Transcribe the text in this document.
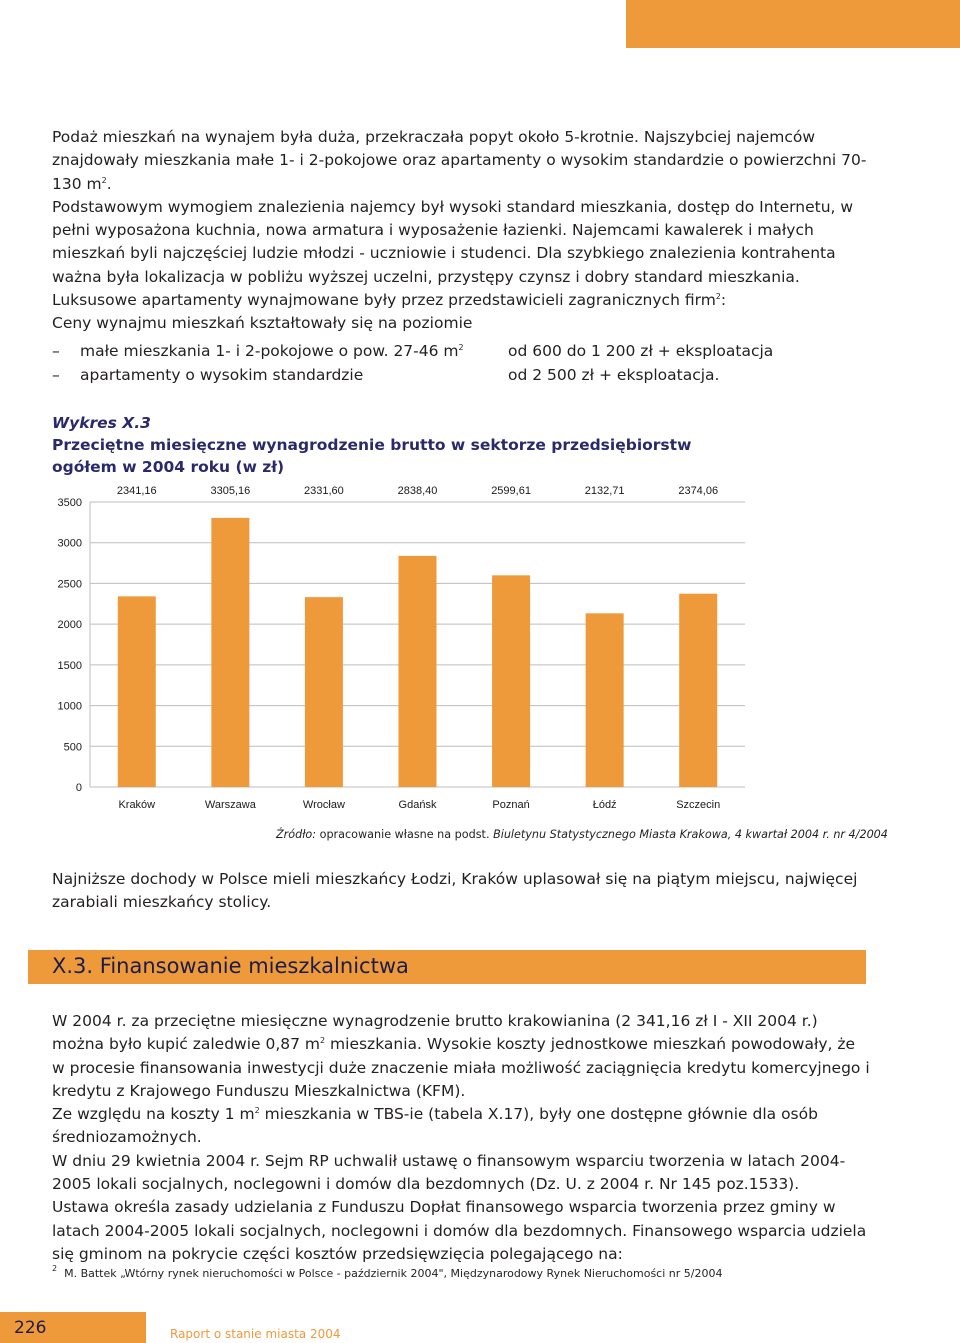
Podaż mieszkań na wynajem była duża, przekraczała popyt około 5-krotnie. Najszybciej najemców znajdowały mieszkania małe 1- i 2-pokojowe oraz apartamenty o wysokim standardzie o powierzchni 70-130 $m^2$.

Podstawowym wymogiem znalezienia najemcy był wysoki standard mieszkania, dostęp do Internetu, w pełni wyposażona kuchnia, nowa armatura i wyposażenie łazienki. Najemcami kawalerek i małych mieszkań byli najczęściej ludzie młodzi - uczniowie i studenci. Dla szybkiego znalezienia kontrahenta ważna była lokalizacja w pobliżu wyższej uczelni, przystępy czynsz i dobry standard mieszkania.

Luksusowe apartamenty wynajmowane były przez przedstawicieli zagranicznych firm$^2$:

Ceny wynajmu mieszkań kształtowały się na poziomie

–	małe mieszkania 1- i 2-pokojowe o pow. 27-46 $m^2$	od 600 do 1 200 zł + eksploatacja
–	apartamenty o wysokim standardzie	od 2 500 zł + eksploatacja.
Wykres X.3
Przeciętne miesięczne wynagrodzenie brutto w sektorze przedsiębiorstw ogółem w 2004 roku (w zł)
0
500
1000
1500
2000
2500
3000
3500
2341,16
Kraków
3305,16
Warszawa
2331,60
Wrocław
2838,40
Gdańsk
2599,61
Poznań
2132,71
Łódź
2374,06
Szczecin
Źródło: opracowanie własne na podst. Biuletynu Statystycznego Miasta Krakowa, 4 kwartał 2004 r. nr 4/2004
Najniższe dochody w Polsce mieli mieszkańcy Łodzi, Kraków uplasował się na piątym miejscu, najwięcej zarabiali mieszkańcy stolicy.
X.3. Finansowanie mieszkalnictwa

W 2004 r. za przeciętne miesięczne wynagrodzenie brutto krakowianina (2 341,16 zł I - XII 2004 r.) można było kupić zaledwie 0,87 $m^2$ mieszkania. Wysokie koszty jednostkowe mieszkań powodowały, że w procesie finansowania inwestycji duże znaczenie miała możliwość zaciągnięcia kredytu komercyjnego i kredytu z Krajowego Funduszu Mieszkalnictwa (KFM).

Ze względu na koszty 1 $m^2$ mieszkania w TBS-ie (tabela X.17), były one dostępne głównie dla osób średniozamożnych.

W dniu 29 kwietnia 2004 r. Sejm RP uchwalił ustawę o finansowym wsparciu tworzenia w latach 2004-2005 lokali socjalnych, noclegowni i domów dla bezdomnych (Dz. U. z 2004 r. Nr 145 poz.1533).

Ustawa określa zasady udzielania z Funduszu Dopłat finansowego wsparcia tworzenia przez gminy w latach 2004-2005 lokali socjalnych, noclegowni i domów dla bezdomnych. Finansowego wsparcia udziela się gminom na pokrycie części kosztów przedsięwzięcia polegającego na:

$^2$ M. Battek „Wtórny rynek nieruchomości w Polsce - październik 2004", Międzynarodowy Rynek Nieruchomości nr 5/2004
226	Raport o stanie miasta 2004
